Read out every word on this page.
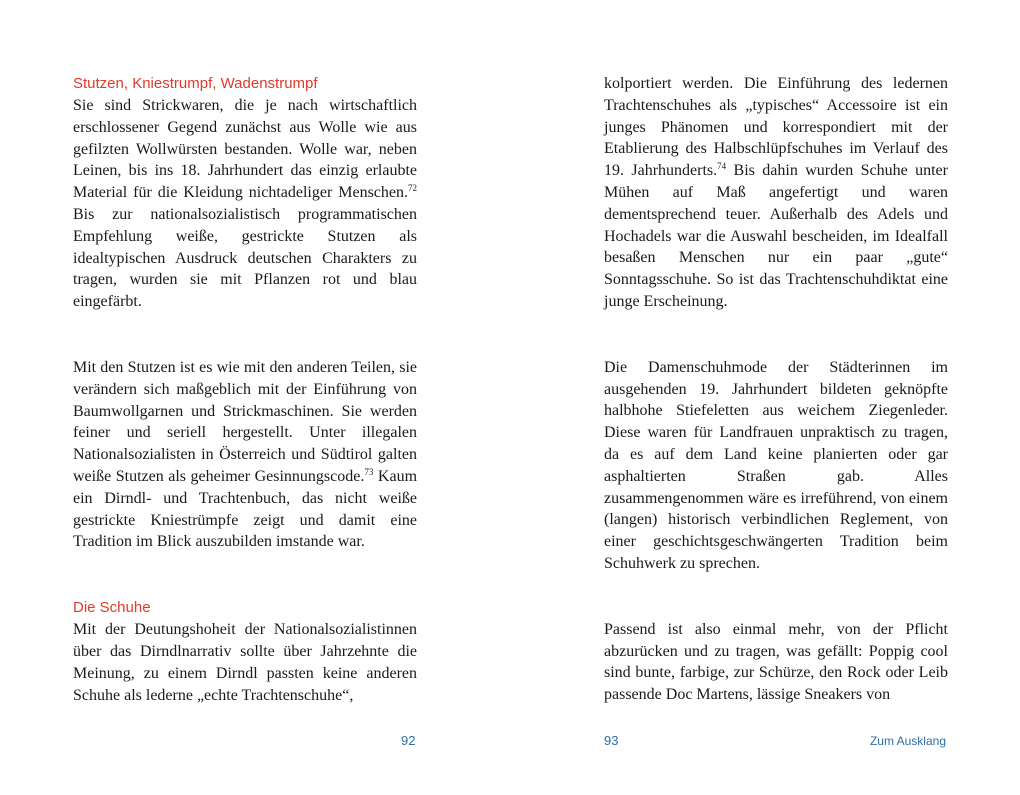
Stutzen, Kniestrumpf, Wadenstrumpf

Sie sind Strickwaren, die je nach wirtschaftlich erschlossener Gegend zunächst aus Wolle wie aus gefilzten Wollwürsten bestanden. Wolle war, neben Leinen, bis ins 18. Jahrhundert das einzig erlaubte Material für die Kleidung nichtadeliger Menschen.$^{72}$ Bis zur nationalsozialistisch programmatischen Empfehlung weiße, gestrickte Stutzen als idealtypischen Ausdruck deutschen Charakters zu tragen, wurden sie mit Pflanzen rot und blau eingefärbt.

Mit den Stutzen ist es wie mit den anderen Teilen, sie verändern sich maßgeblich mit der Einführung von Baumwollgarnen und Strickmaschinen. Sie werden feiner und seriell hergestellt. Unter illegalen Nationalsozialisten in Österreich und Südtirol galten weiße Stutzen als geheimer Gesinnungscode.$^{73}$ Kaum ein Dirndl- und Trachtenbuch, das nicht weiße gestrickte Kniestrümpfe zeigt und damit eine Tradition im Blick auszubilden imstande war.

Die Schuhe

Mit der Deutungshoheit der Nationalsozialistinnen über das Dirndlnarrativ sollte über Jahrzehnte die Meinung, zu einem Dirndl passten keine anderen Schuhe als lederne „echte Trachtenschuhe“,

92

kolportiert werden. Die Einführung des ledernen Trachtenschuhes als „typisches“ Accessoire ist ein junges Phänomen und korrespondiert mit der Etablierung des Halbschlüpfschuhes im Verlauf des 19. Jahrhunderts.$^{74}$ Bis dahin wurden Schuhe unter Mühen auf Maß angefertigt und waren dementsprechend teuer. Außerhalb des Adels und Hochadels war die Auswahl bescheiden, im Idealfall besaßen Menschen nur ein paar „gute“ Sonntagsschuhe. So ist das Trachtenschuhdiktat eine junge Erscheinung.

Die Damenschuhmode der Städterinnen im ausgehenden 19. Jahrhundert bildeten geknöpfte halbhohe Stiefeletten aus weichem Ziegenleder. Diese waren für Landfrauen unpraktisch zu tragen, da es auf dem Land keine planierten oder gar asphaltierten Straßen gab. Alles zusammengenommen wäre es irreführend, von einem (langen) historisch verbindlichen Reglement, von einer geschichtsgeschwängerten Tradition beim Schuhwerk zu sprechen.

Passend ist also einmal mehr, von der Pflicht abzurücken und zu tragen, was gefällt: Poppig cool sind bunte, farbige, zur Schürze, den Rock oder Leib passende Doc Martens, lässige Sneakers von

93	Zum Ausklang
